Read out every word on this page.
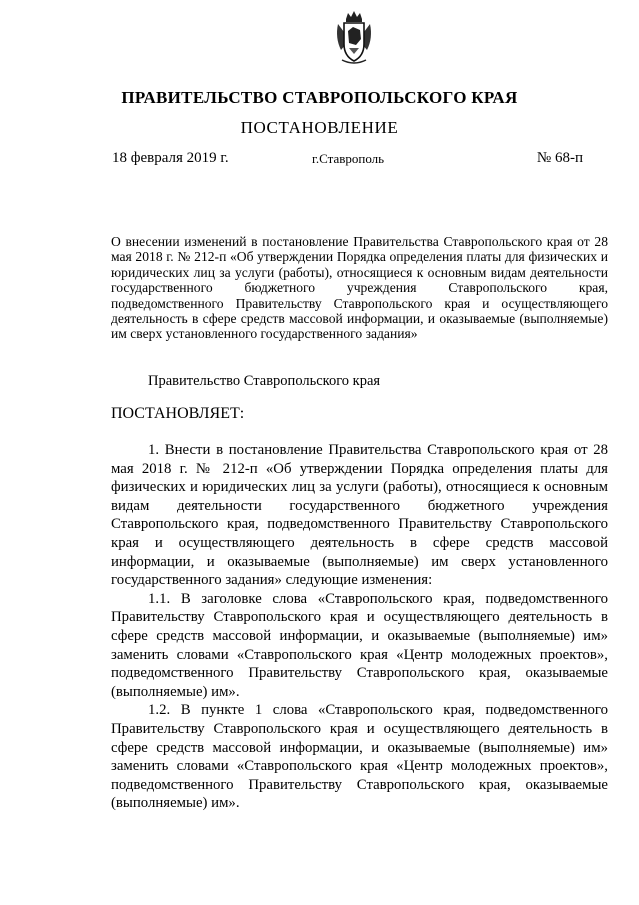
ПРАВИТЕЛЬСТВО СТАВРОПОЛЬСКОГО КРАЯ
ПОСТАНОВЛЕНИЕ
18 февраля 2019 г.	г.Ставрополь	№ 68-п
О внесении изменений в постановление Правительства Ставропольского края от 28 мая 2018 г. № 212-п «Об утверждении Порядка определения платы для физических и юридических лиц за услуги (работы), относящиеся к основным видам деятельности государственного бюджетного учреждения Ставропольского края, подведомственного Правительству Ставропольского края и осуществляющего деятельность в сфере средств массовой информации, и оказываемые (выполняемые) им сверх установленного государственного задания»
Правительство Ставропольского края
ПОСТАНОВЛЯЕТ:

1. Внести в постановление Правительства Ставропольского края от 28 мая 2018 г. № 212-п «Об утверждении Порядка определения платы для физических и юридических лиц за услуги (работы), относящиеся к основным видам деятельности государственного бюджетного учреждения Ставропольского края, подведомственного Правительству Ставропольского края и осуществляющего деятельность в сфере средств массовой информации, и оказываемые (выполняемые) им сверх установленного государственного задания» следующие изменения:

1.1. В заголовке слова «Ставропольского края, подведомственного Правительству Ставропольского края и осуществляющего деятельность в сфере средств массовой информации, и оказываемые (выполняемые) им» заменить словами «Ставропольского края «Центр молодежных проектов», подведомственного Правительству Ставропольского края, оказываемые (выполняемые) им».

1.2. В пункте 1 слова «Ставропольского края, подведомственного Правительству Ставропольского края и осуществляющего деятельность в сфере средств массовой информации, и оказываемые (выполняемые) им» заменить словами «Ставропольского края «Центр молодежных проектов», подведомственного Правительству Ставропольского края, оказываемые (выполняемые) им».
